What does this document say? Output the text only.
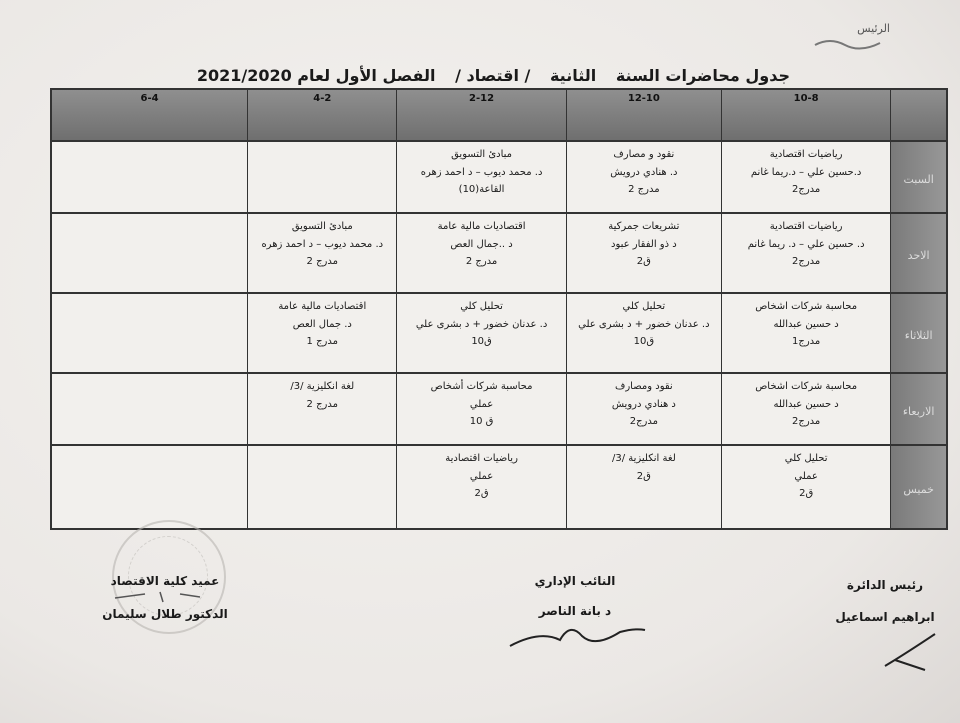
الرئيس
جدول محاضرات السنة الثانية / اقتصاد / الفصل الأول لعام 2021/2020
10-8
12-10
2-12
4-2
6-4
السبت
رياضيات اقتصادية
د.حسين علي – د.ريما غانم
مدرج2
نقود و مصارف
د. هنادي درويش
مدرج 2
مبادئ التسويق
د. محمد ديوب – د احمد زهره
القاعة(10)
الاحد
رياضيات اقتصادية
د. حسين علي – د. ريما غانم
مدرج2
تشريعات جمركية
د ذو الفقار عبود
ق2
اقتصاديات مالية عامة
د ..جمال العص
مدرج 2
مبادئ التسويق
د. محمد ديوب – د احمد زهره
مدرج 2
الثلاثاء
محاسبة شركات اشخاص
د حسين عبدالله
مدرج1
تحليل كلي
د. عدنان خضور + د بشرى علي
ق10
تحليل كلي
د. عدنان خضور + د بشرى علي
ق10
اقتصاديات مالية عامة
د. جمال العص
مدرج 1
الاربعاء
محاسبة شركات اشخاص
د حسين عبدالله
مدرج2
نقود ومصارف
د هنادي درويش
مدرج2
محاسبة شركات أشخاص
عملي
ق 10
لغة انكليزية /3/
مدرج 2
خميس
تحليل كلي
عملي
ق2
لغة انكليزية /3/
ق2
رياضيات اقتصادية
عملي
ق2
عميد كلية الاقتصاد
الدكتور طلال سليمان
النائب الإداري
د بانة الناصر
رئيس الدائرة
ابراهيم اسماعيل
